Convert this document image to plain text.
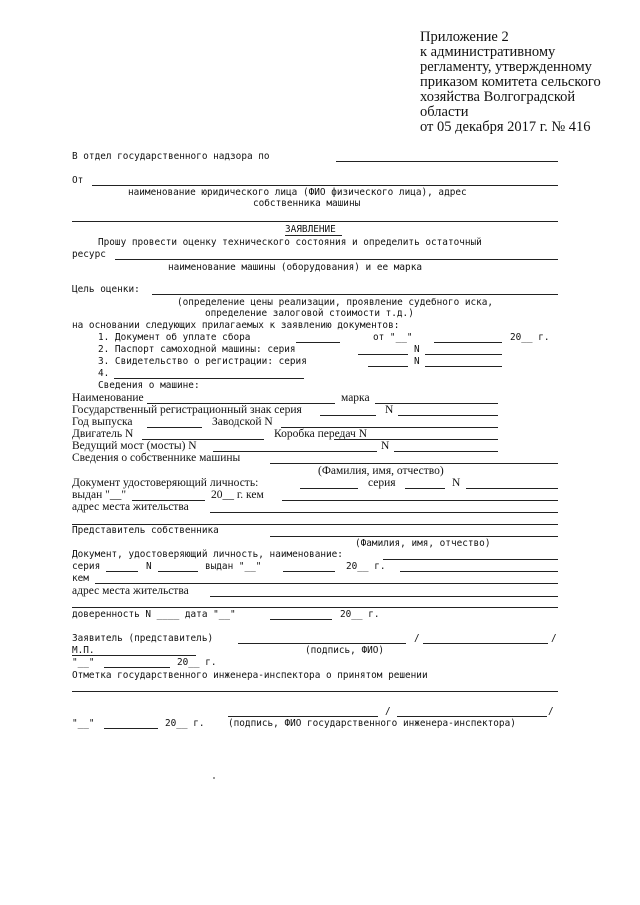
Приложение 2
к административному
регламенту, утвержденному
приказом комитета сельского
хозяйства Волгоградской
области
от 05 декабря 2017 г. № 416
В отдел государственного надзора по
От
наименование юридического лица (ФИО физического лица), адрес
собственника машины
ЗАЯВЛЕНИЕ
Прошу провести оценку технического состояния и определить остаточный
ресурс
наименование машины (оборудования) и ее марка
Цель оценки:
(определение цены реализации, проявление судебного иска,
определение залоговой стоимости т.д.)
на основании следующих прилагаемых к заявлению документов:
1. Документ об уплате сбора	от "__"	20__ г.
2. Паспорт самоходной машины: серия	N
3. Свидетельство о регистрации: серия	N
4.
Сведения о машине:
Наименование	марка
Государственный регистрационный знак серия	N
Год выпуска	Заводской N
Двигатель N	Коробка передач N
Ведущий мост (мосты) N	N
Сведения о собственнике машины
(Фамилия, имя, отчество)
Документ удостоверяющий личность:	серия	N
выдан "__"	20__ г. кем
адрес места жительства
Представитель собственника
(Фамилия, имя, отчество)
Документ, удостоверяющий личность, наименование:
серия	N	выдан "__"	20__ г.
кем
адрес места жительства
доверенность N ____ дата "__"	20__ г.
Заявитель (представитель)	/	/
М.П.	(подпись, ФИО)
"__"	20__ г.
Отметка государственного инженера-инспектора о принятом решении
/	/
"__"	20__ г. (подпись, ФИО государственного инженера-инспектора)
